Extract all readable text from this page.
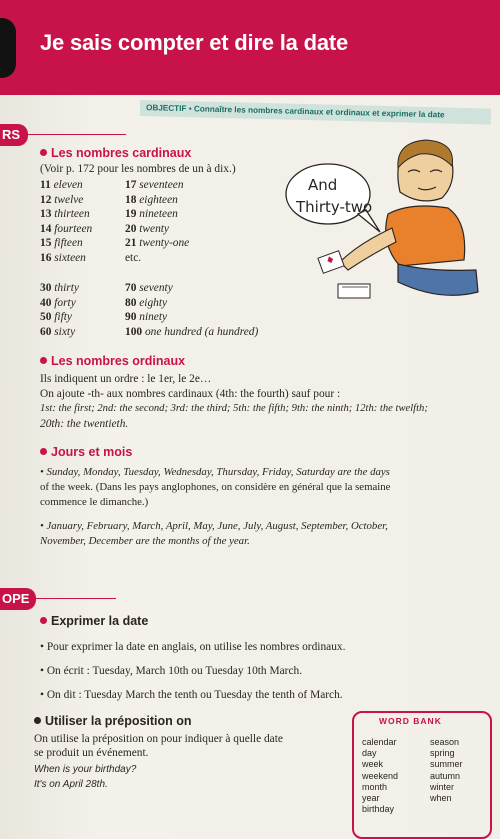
Je sais compter et dire la date
OBJECTIF • Connaître les nombres cardinaux et ordinaux et exprimer la date
RS
Les nombres cardinaux
(Voir p. 172 pour les nombres de un à dix.)
11 eleven
12 twelve
13 thirteen
14 fourteen
15 fifteen
16 sixteen
17 seventeen
18 eighteen
19 nineteen
20 twenty
21 twenty-one
etc.
30 thirty
40 forty
50 fifty
60 sixty
70 seventy
80 eighty
90 ninety
100 one hundred (a hundred)
And
Thirty-two
Les nombres ordinaux
Ils indiquent un ordre : le 1er, le 2e…
On ajoute -th- aux nombres cardinaux (4th: the fourth) sauf pour :
1st: the first; 2nd: the second; 3rd: the third; 5th: the fifth; 9th: the ninth; 12th: the twelfth;
20th: the twentieth.
Jours et mois
• Sunday, Monday, Tuesday, Wednesday, Thursday, Friday, Saturday are the days
of the week. (Dans les pays anglophones, on considère en général que la semaine
commence le dimanche.)
• January, February, March, April, May, June, July, August, September, October,
November, December are the months of the year.
OPE
Exprimer la date
• Pour exprimer la date en anglais, on utilise les nombres ordinaux.
• On écrit : Tuesday, March 10th ou Tuesday 10th March.
• On dit : Tuesday March the tenth ou Tuesday the tenth of March.
Utiliser la préposition on
On utilise la préposition on pour indiquer à quelle date
se produit un événement.
When is your birthday?
It's on April 28th.
WORD BANK
calendar
day
week
weekend
month
year
birthday
season
spring
summer
autumn
winter
when
